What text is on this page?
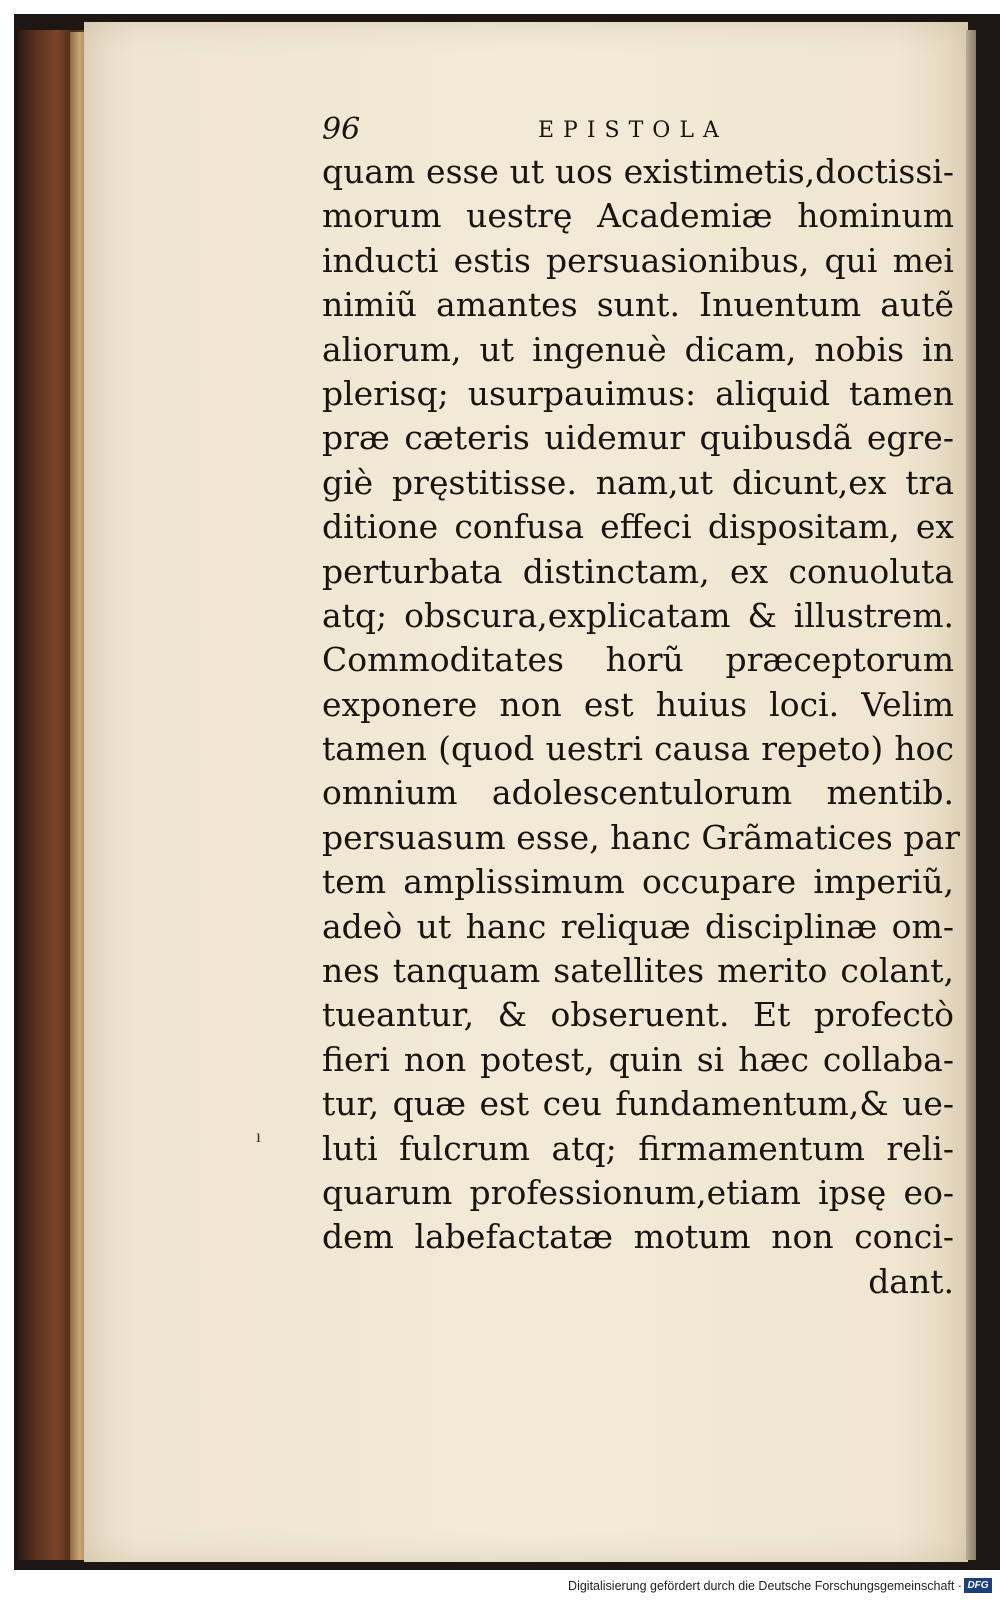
96	EPISTOLA
quam esse ut uos existimetis,doctissi-
morum uestrę Academiæ hominum
inducti estis persuasionibus, qui mei
nimiũ amantes sunt. Inuentum autẽ
aliorum, ut ingenuè dicam, nobis in
plerisq; usurpauimus: aliquid tamen
præ cæteris uidemur quibusdã egre-
giè pręstitisse. nam,ut dicunt,ex tra
ditione confusa effeci dispositam, ex
perturbata distinctam, ex conuoluta
atq; obscura,explicatam & illustrem.
Commoditates horũ præceptorum
exponere non est huius loci. Velim
tamen (quod uestri causa repeto) hoc
omnium adolescentulorum mentib.
persuasum esse, hanc Grãmatices par
tem amplissimum occupare imperiũ,
adeò ut hanc reliquæ disciplinæ om-
nes tanquam satellites merito colant,
tueantur, & obseruent. Et profectò
fieri non potest, quin si hæc collaba-
tur, quæ est ceu fundamentum,& ue-
luti fulcrum atq; firmamentum reli-
quarum professionum,etiam ipsę eo-
dem labefactatæ motum non conci-
dant.
ı
Digitalisierung gefördert durch die Deutsche Forschungsgemeinschaft · DFG
